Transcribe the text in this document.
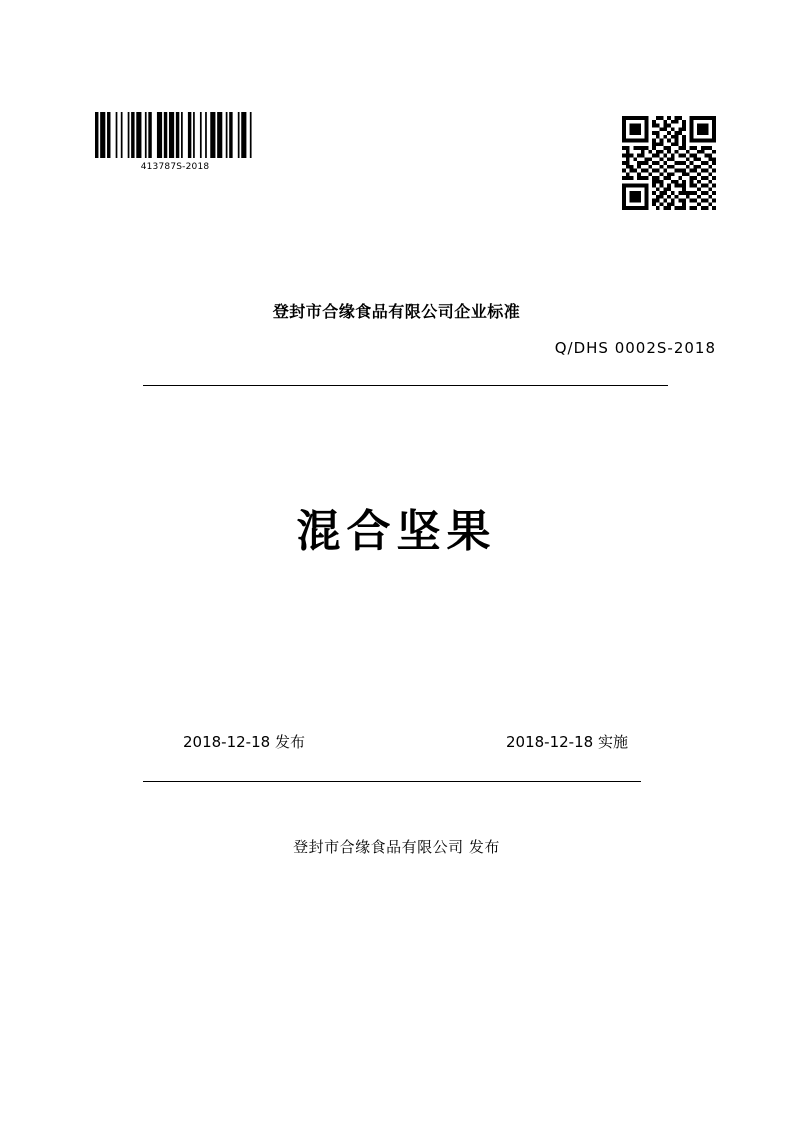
413787S-2018
登封市合缘食品有限公司企业标准
Q/DHS 0002S-2018
混合坚果
2018-12-18 发布	2018-12-18 实施
登封市合缘食品有限公司 发布
